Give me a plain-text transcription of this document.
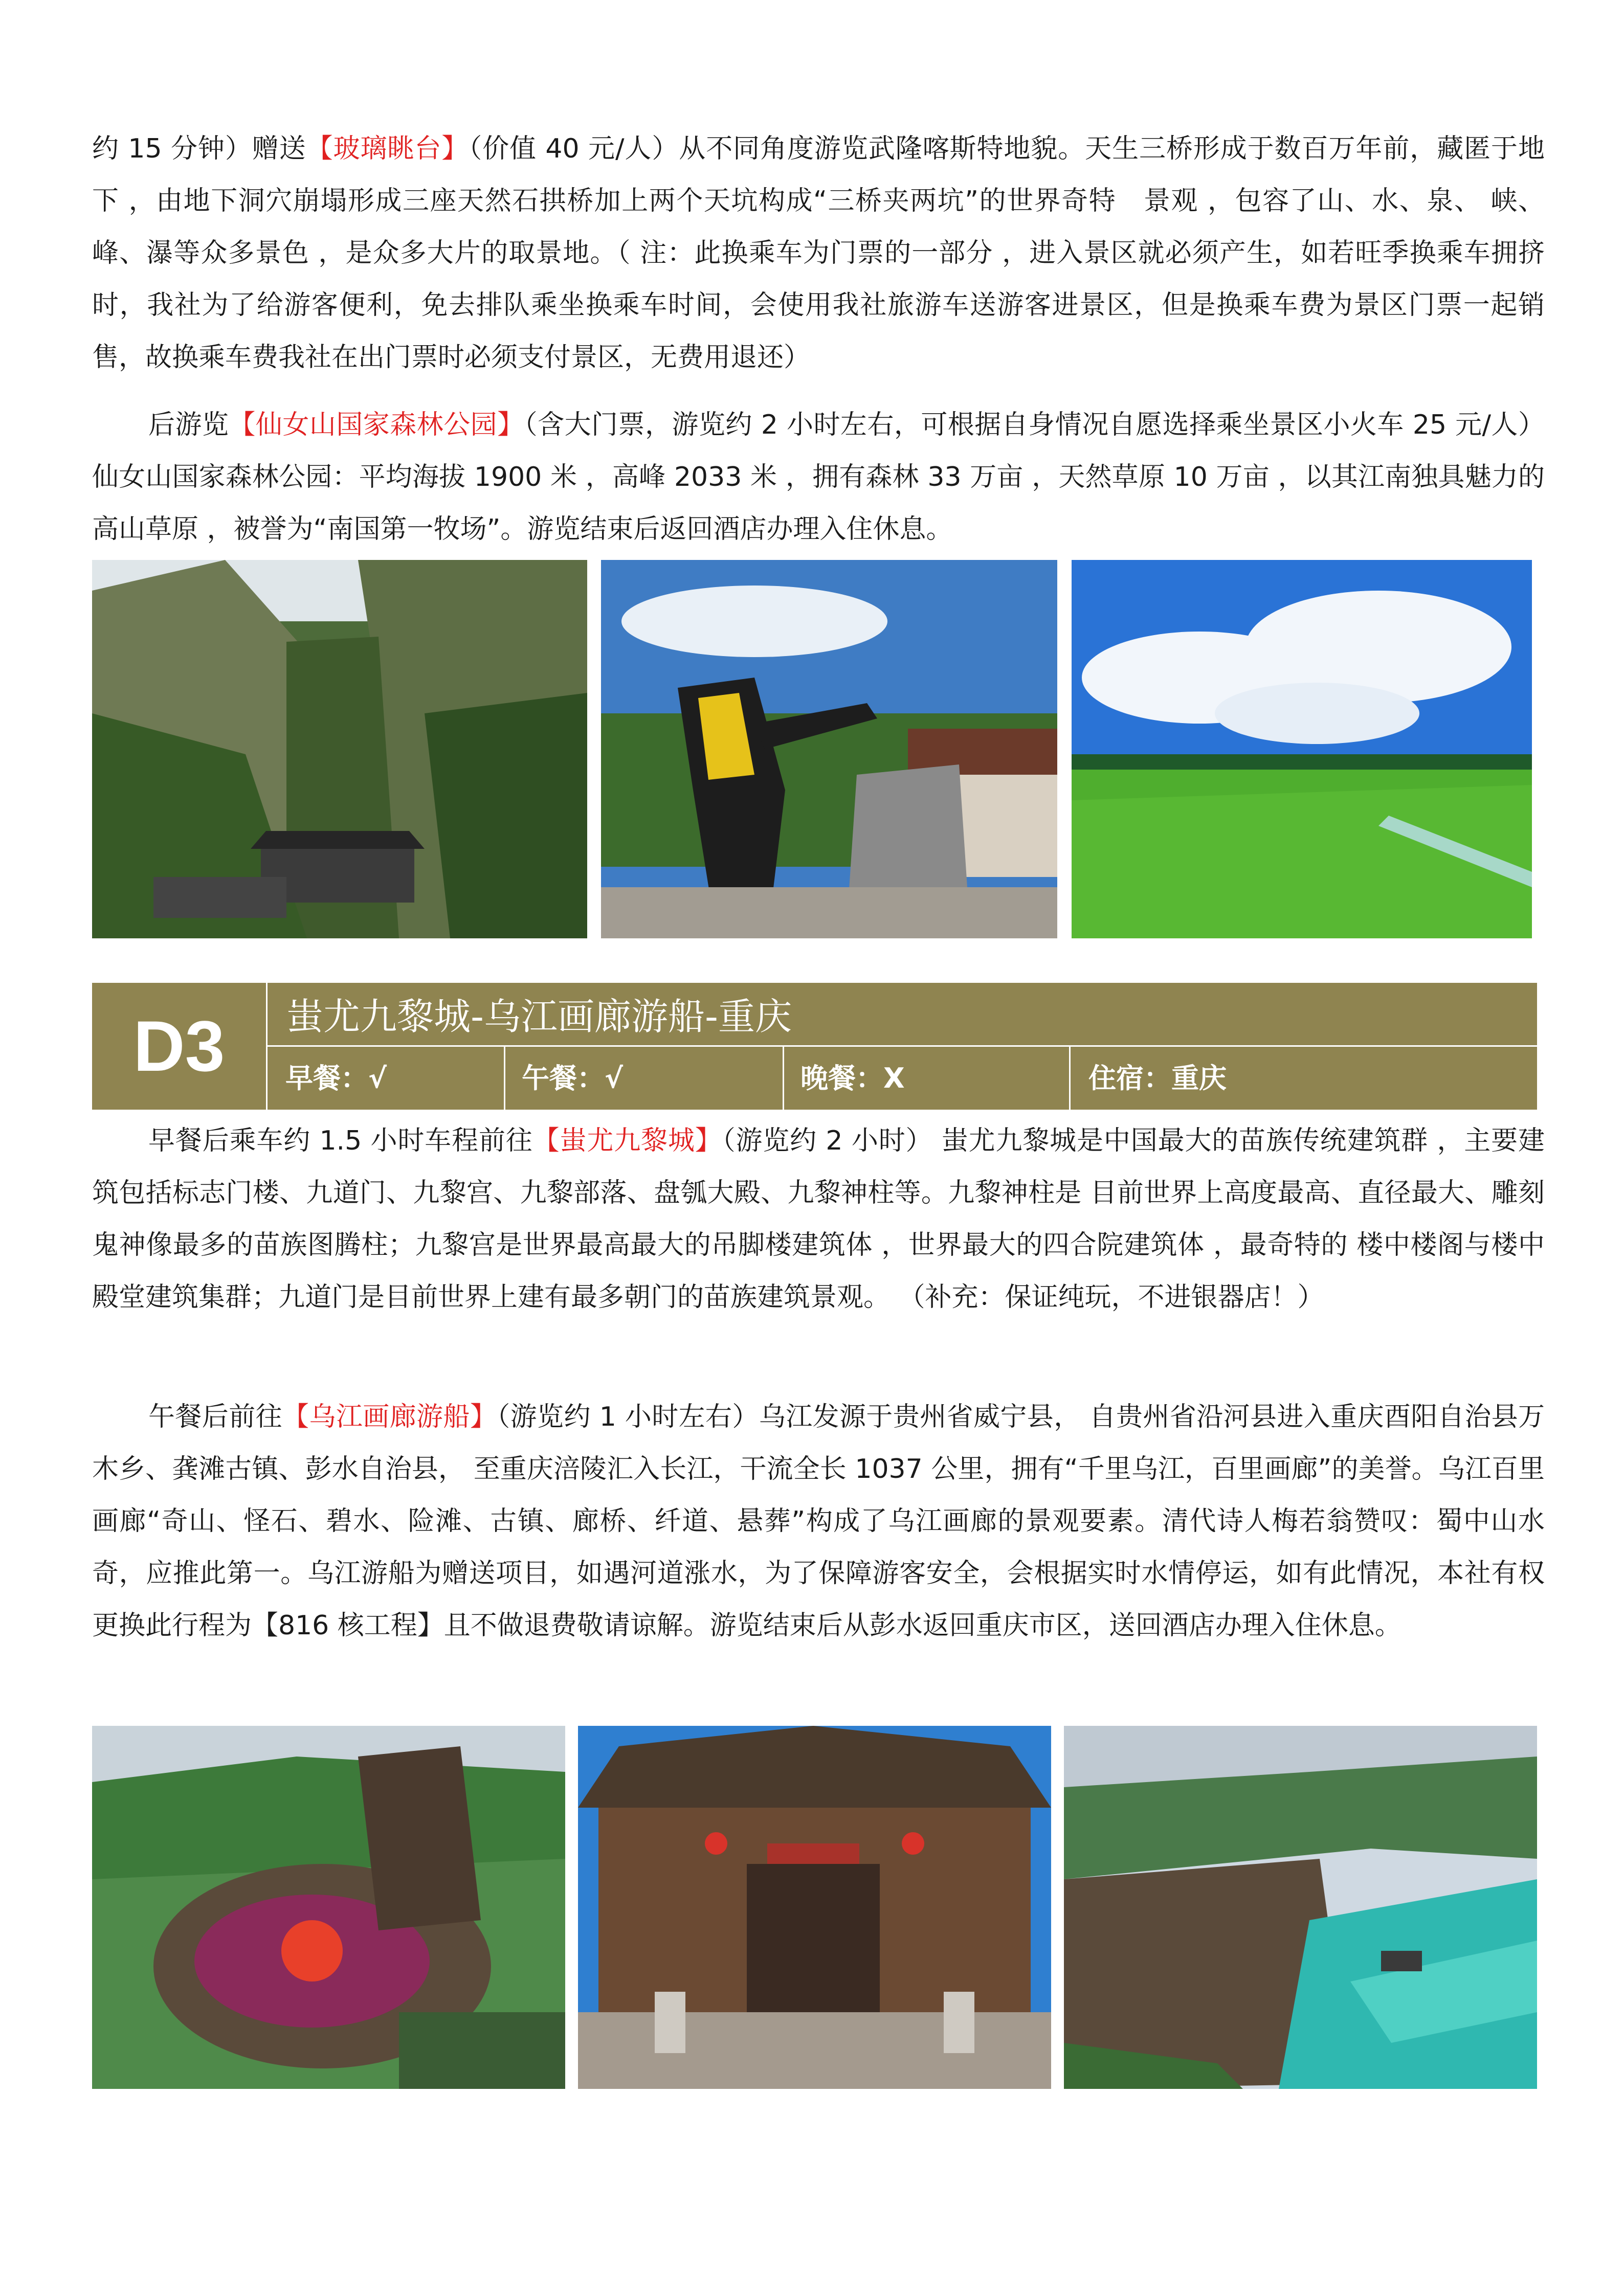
约 15 分钟）赠送【玻璃眺台】（价值 40 元/人）从不同角度游览武隆喀斯特地貌。天生三桥形成于数百万年前，藏匿于地下 ，由地下洞穴崩塌形成三座天然石拱桥加上两个天坑构成“三桥夹两坑”的世界奇特　景观 ，包容了山、水、泉、 峡、峰、瀑等众多景色 ，是众多大片的取景地。（ 注：此换乘车为门票的一部分 ，进入景区就必须产生，如若旺季换乘车拥挤时，我社为了给游客便利，免去排队乘坐换乘车时间，会使用我社旅游车送游客进景区，但是换乘车费为景区门票一起销售，故换乘车费我社在出门票时必须支付景区，无费用退还）
后游览【仙女山国家森林公园】（含大门票，游览约 2 小时左右，可根据自身情况自愿选择乘坐景区小火车 25 元/人）仙女山国家森林公园：平均海拔 1900 米 ，高峰 2033 米 ，拥有森林 33 万亩 ，天然草原 10 万亩 ，以其江南独具魅力的高山草原 ，被誉为“南国第一牧场”。游览结束后返回酒店办理入住休息。
D3	蚩尤九黎城-乌江画廊游船-重庆
早餐：√	午餐：√	晚餐：X	住宿：重庆
早餐后乘车约 1.5 小时车程前往【蚩尤九黎城】（游览约 2 小时） 蚩尤九黎城是中国最大的苗族传统建筑群 ，主要建筑包括标志门楼、九道门、九黎宫、九黎部落、盘瓠大殿、九黎神柱等。九黎神柱是 目前世界上高度最高、直径最大、雕刻鬼神像最多的苗族图腾柱；九黎宫是世界最高最大的吊脚楼建筑体 ，世界最大的四合院建筑体 ，最奇特的 楼中楼阁与楼中殿堂建筑集群；九道门是目前世界上建有最多朝门的苗族建筑景观。 （补充：保证纯玩，不进银器店！）
午餐后前往【乌江画廊游船】（游览约 1 小时左右）乌江发源于贵州省威宁县， 自贵州省沿河县进入重庆酉阳自治县万木乡、龚滩古镇、彭水自治县， 至重庆涪陵汇入长江，干流全长 1037 公里，拥有“千里乌江，百里画廊”的美誉。乌江百里画廊“奇山、怪石、碧水、险滩、古镇、廊桥、纤道、悬葬”构成了乌江画廊的景观要素。清代诗人梅若翁赞叹：蜀中山水奇，应推此第一。乌江游船为赠送项目，如遇河道涨水，为了保障游客安全，会根据实时水情停运，如有此情况，本社有权更换此行程为【816 核工程】且不做退费敬请谅解。游览结束后从彭水返回重庆市区，送回酒店办理入住休息。
